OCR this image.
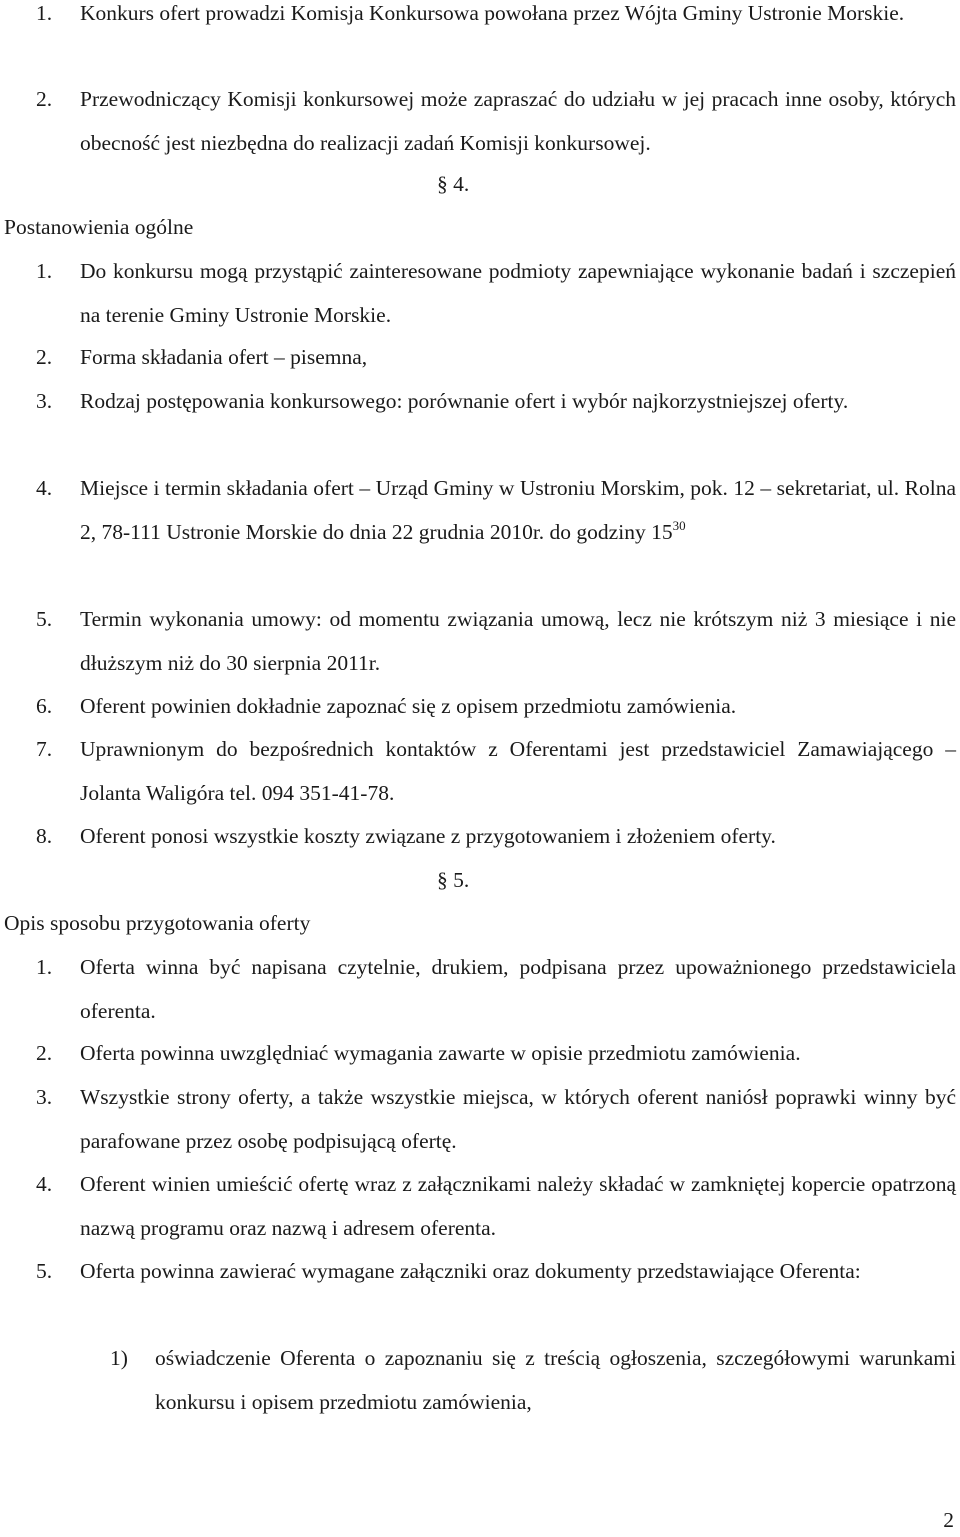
1. Konkurs ofert prowadzi Komisja Konkursowa powołana przez Wójta Gminy Ustronie Morskie.
2. Przewodniczący Komisji konkursowej może zapraszać do udziału w jej pracach inne osoby, których obecność jest niezbędna do realizacji zadań Komisji konkursowej.
§ 4.
Postanowienia ogólne
1. Do konkursu mogą przystąpić zainteresowane podmioty zapewniające wykonanie badań i szczepień na terenie Gminy Ustronie Morskie.
2. Forma składania ofert – pisemna,
3. Rodzaj postępowania konkursowego: porównanie ofert i wybór najkorzystniejszej oferty.
4. Miejsce i termin składania ofert – Urząd Gminy w Ustroniu Morskim, pok. 12 – sekretariat, ul. Rolna 2, 78-111 Ustronie Morskie do dnia 22 grudnia 2010r. do godziny $15^{30}$
5. Termin wykonania umowy: od momentu związania umową, lecz nie krótszym niż 3 miesiące i nie dłuższym niż do 30 sierpnia 2011r.
6. Oferent powinien dokładnie zapoznać się z opisem przedmiotu zamówienia.
7. Uprawnionym do bezpośrednich kontaktów z Oferentami jest przedstawiciel Zamawiającego – Jolanta Waligóra tel. 094 351-41-78.
8. Oferent ponosi wszystkie koszty związane z przygotowaniem i złożeniem oferty.
§ 5.
Opis sposobu przygotowania oferty
1. Oferta winna być napisana czytelnie, drukiem, podpisana przez upoważnionego przedstawiciela oferenta.
2. Oferta powinna uwzględniać wymagania zawarte w opisie przedmiotu zamówienia.
3. Wszystkie strony oferty, a także wszystkie miejsca, w których oferent naniósł poprawki winny być parafowane przez osobę podpisującą ofertę.
4. Oferent winien umieścić ofertę wraz z załącznikami należy składać w zamkniętej kopercie opatrzoną nazwą programu oraz nazwą i adresem oferenta.
5. Oferta powinna zawierać wymagane załączniki oraz dokumenty przedstawiające Oferenta:
1) oświadczenie Oferenta o zapoznaniu się z treścią ogłoszenia, szczegółowymi warunkami konkursu i opisem przedmiotu zamówienia,
2
